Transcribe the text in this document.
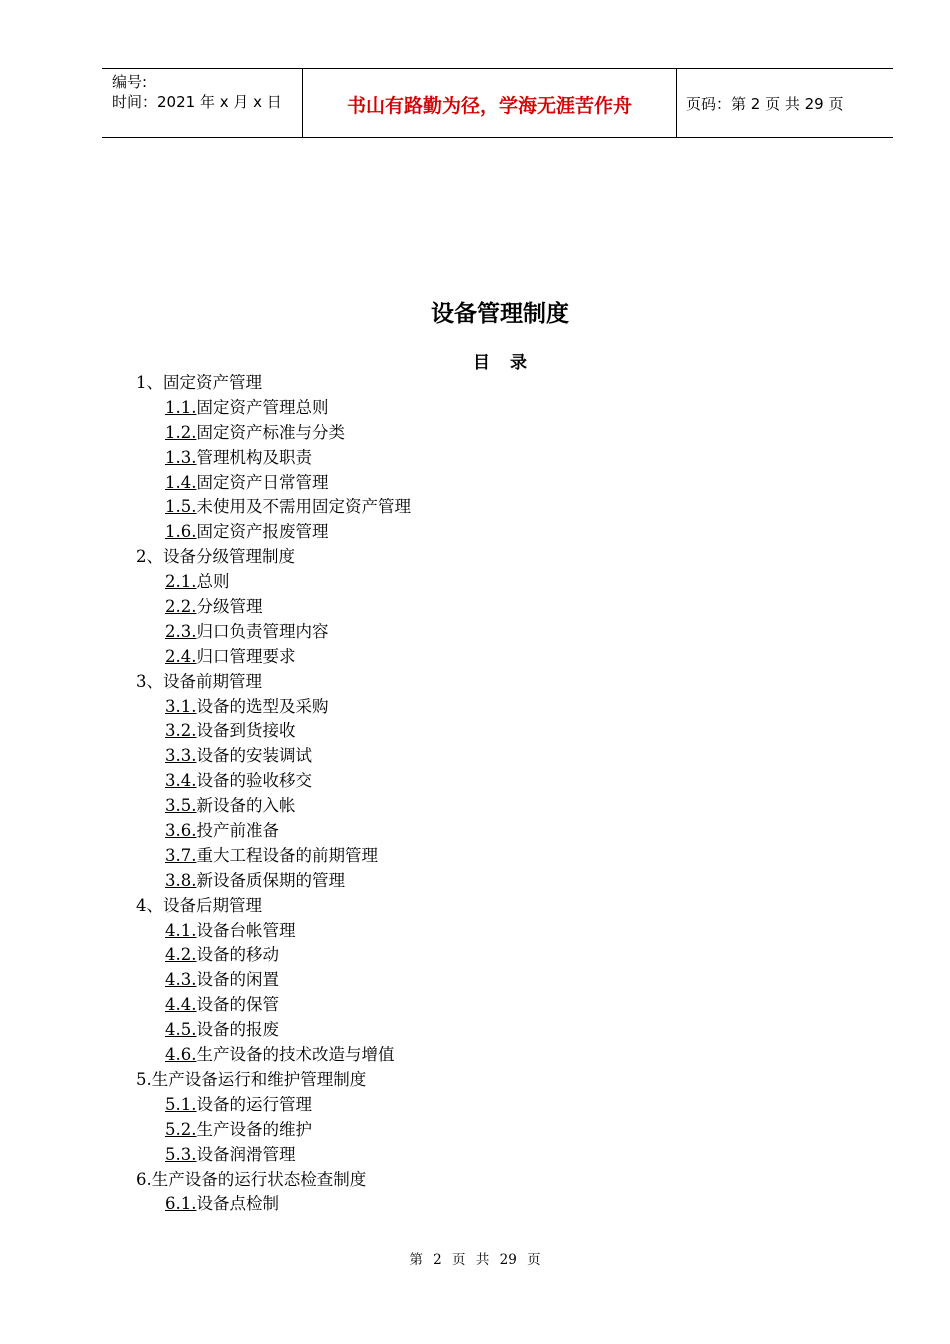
编号:
时间：2021 年 x 月 x 日	书山有路勤为径，学海无涯苦作舟	页码：第 2 页 共 29 页
设备管理制度
目 录
1、固定资产管理
1.1.固定资产管理总则
1.2.固定资产标准与分类
1.3.管理机构及职责
1.4.固定资产日常管理
1.5.未使用及不需用固定资产管理
1.6.固定资产报废管理
2、设备分级管理制度
2.1.总则
2.2.分级管理
2.3.归口负责管理内容
2.4.归口管理要求
3、设备前期管理
3.1.设备的选型及采购
3.2.设备到货接收
3.3.设备的安装调试
3.4.设备的验收移交
3.5.新设备的入帐
3.6.投产前准备
3.7.重大工程设备的前期管理
3.8.新设备质保期的管理
4、设备后期管理
4.1.设备台帐管理
4.2.设备的移动
4.3.设备的闲置
4.4.设备的保管
4.5.设备的报废
4.6.生产设备的技术改造与增值
5.生产设备运行和维护管理制度
5.1.设备的运行管理
5.2.生产设备的维护
5.3.设备润滑管理
6.生产设备的运行状态检查制度
6.1.设备点检制
第 2 页 共 29 页
